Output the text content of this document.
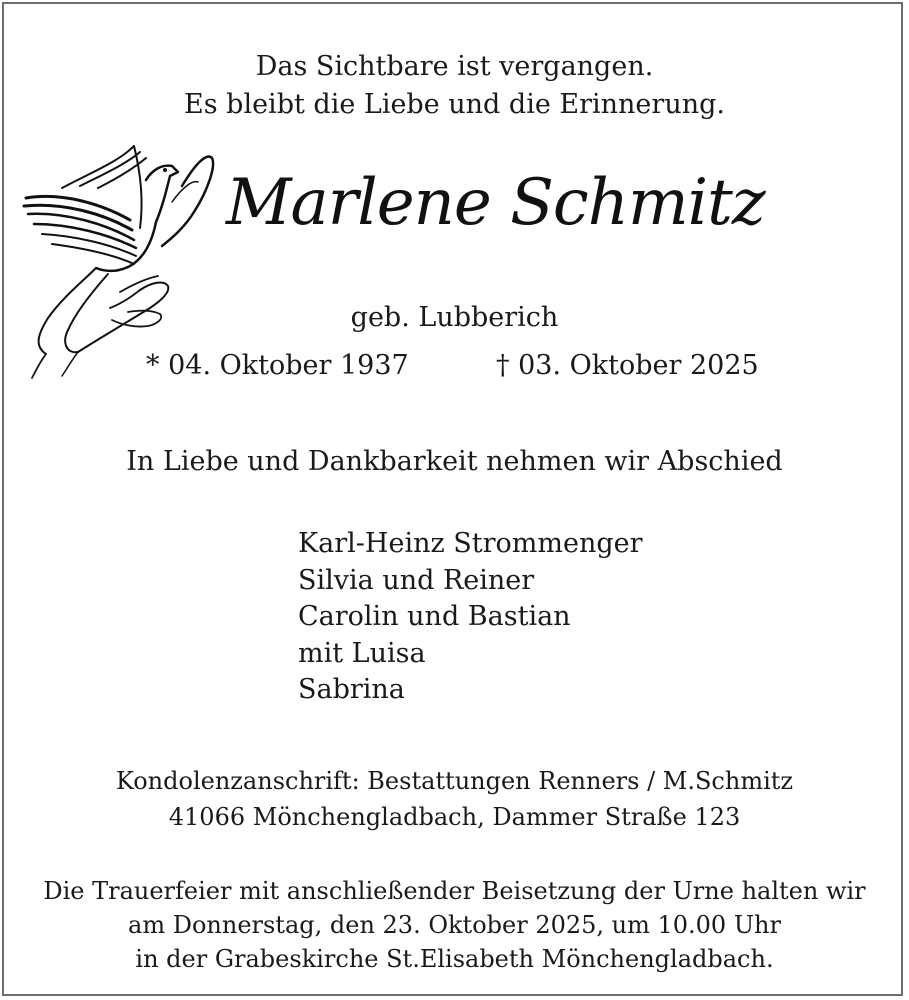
Das Sichtbare ist vergangen.
Es bleibt die Liebe und die Erinnerung.
Marlene Schmitz
geb. Lubberich
* 04. Oktober 1937	† 03. Oktober 2025
In Liebe und Dankbarkeit nehmen wir Abschied
Karl-Heinz Strommenger
Silvia und Reiner
Carolin und Bastian
mit Luisa
Sabrina
Kondolenzanschrift: Bestattungen Renners / M.Schmitz
41066 Mönchengladbach, Dammer Straße 123
Die Trauerfeier mit anschließender Beisetzung der Urne halten wir
am Donnerstag, den 23. Oktober 2025, um 10.00 Uhr
in der Grabeskirche St.Elisabeth Mönchengladbach.
